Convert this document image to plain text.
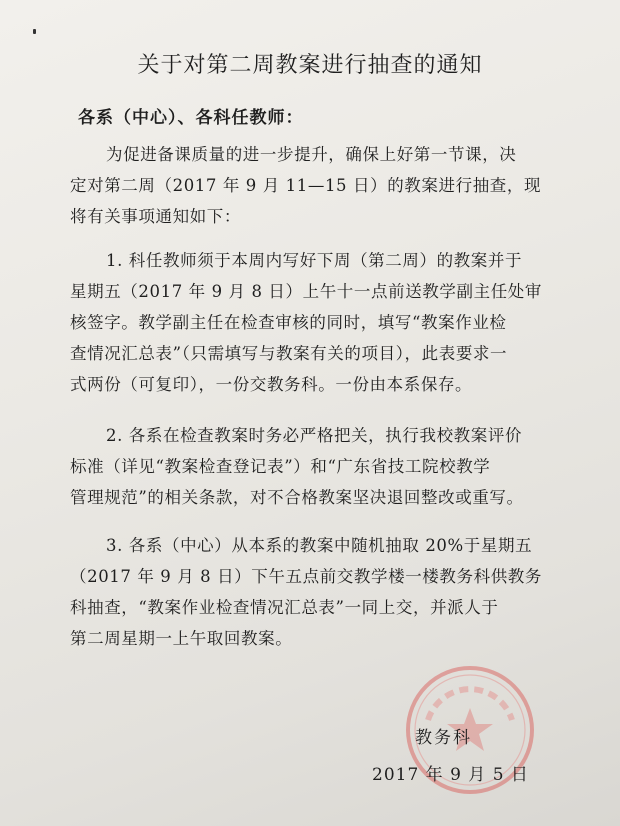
关于对第二周教案进行抽查的通知
各系（中心）、各科任教师：

为促进备课质量的进一步提升，确保上好第一节课，决
定对第二周（2017 年 9 月 11—15 日）的教案进行抽查，现
将有关事项通知如下：

1. 科任教师须于本周内写好下周（第二周）的教案并于
星期五（2017 年 9 月 8 日）上午十一点前送教学副主任处审
核签字。教学副主任在检查审核的同时，填写“教案作业检
查情况汇总表”（只需填写与教案有关的项目），此表要求一
式两份（可复印），一份交教务科。一份由本系保存。

2. 各系在检查教案时务必严格把关，执行我校教案评价
标准（详见“教案检查登记表”）和“广东省技工院校教学
管理规范”的相关条款，对不合格教案坚决退回整改或重写。

3. 各系（中心）从本系的教案中随机抽取 20%于星期五
（2017 年 9 月 8 日）下午五点前交教学楼一楼教务科供教务
科抽查，“教案作业检查情况汇总表”一同上交，并派人于
第二周星期一上午取回教案。

教务科
2017 年 9 月 5 日
